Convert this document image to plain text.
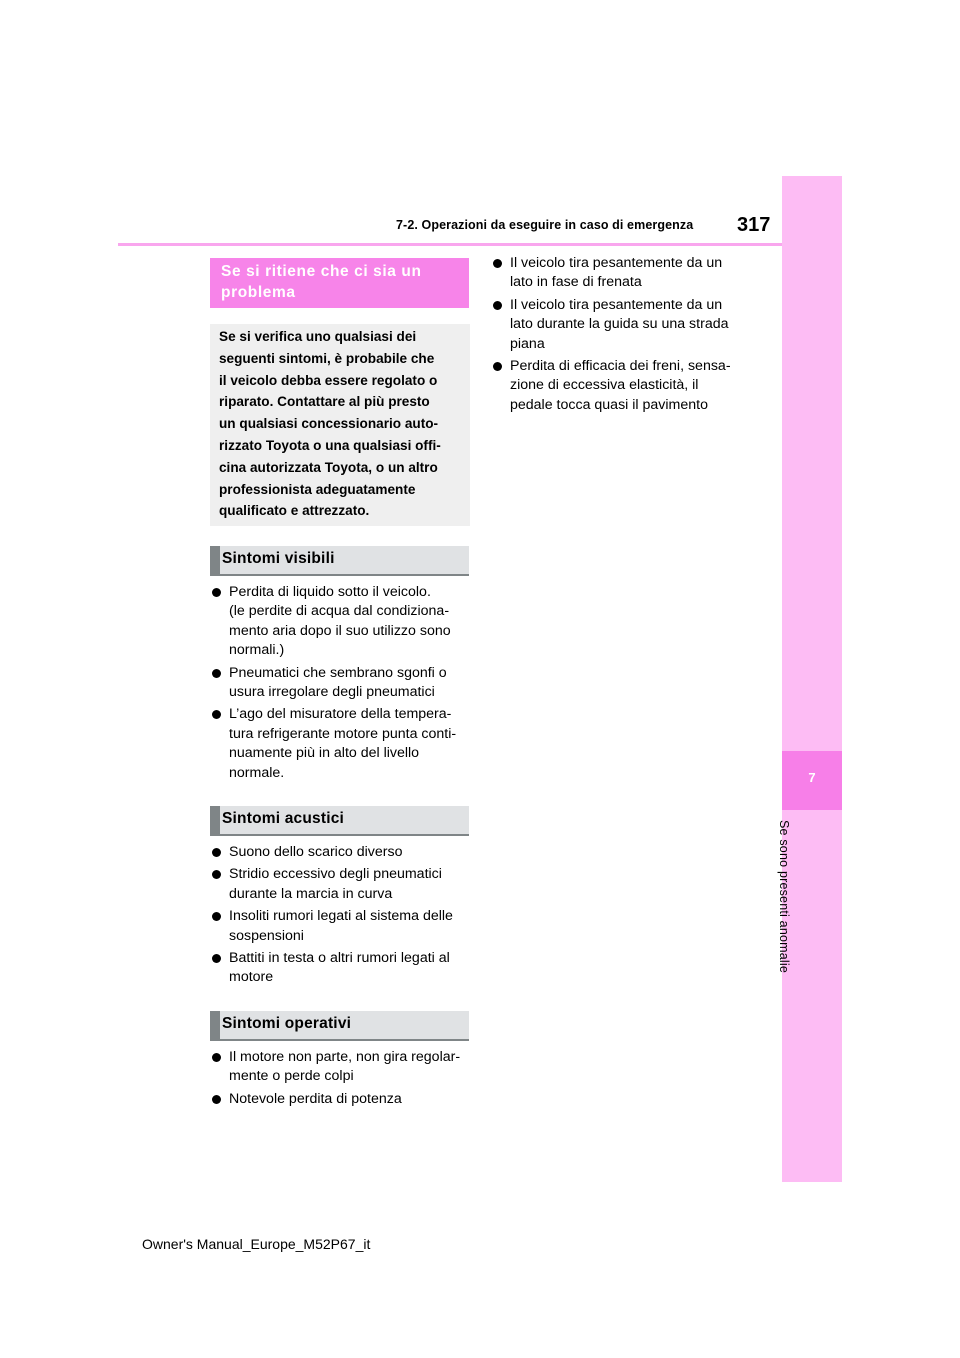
7-2. Operazioni da eseguire in caso di emergenza 317
7
Se sono presenti anomalie
Se si ritiene che ci sia un
problema

Se si verifica uno qualsiasi dei

seguenti sintomi, è probabile che

il veicolo debba essere regolato o

riparato. Contattare al più presto

un qualsiasi concessionario auto-

rizzato Toyota o una qualsiasi offi-

cina autorizzata Toyota, o un altro

professionista adeguatamente

qualificato e attrezzato.

Sintomi visibili
Perdita di liquido sotto il veicolo.
(le perdite di acqua dal condiziona-
mento aria dopo il suo utilizzo sono
normali.)
Pneumatici che sembrano sgonfi o
usura irregolare degli pneumatici
L’ago del misuratore della tempera-
tura refrigerante motore punta conti-
nuamente più in alto del livello
normale.
Sintomi acustici
Suono dello scarico diverso
Stridio eccessivo degli pneumatici
durante la marcia in curva
Insoliti rumori legati al sistema delle
sospensioni
Battiti in testa o altri rumori legati al
motore
Sintomi operativi
Il motore non parte, non gira regolar-
mente o perde colpi
Notevole perdita di potenza
Il veicolo tira pesantemente da un
lato in fase di frenata
Il veicolo tira pesantemente da un
lato durante la guida su una strada
piana
Perdita di efficacia dei freni, sensa-
zione di eccessiva elasticità, il
pedale tocca quasi il pavimento
Owner's Manual_Europe_M52P67_it
